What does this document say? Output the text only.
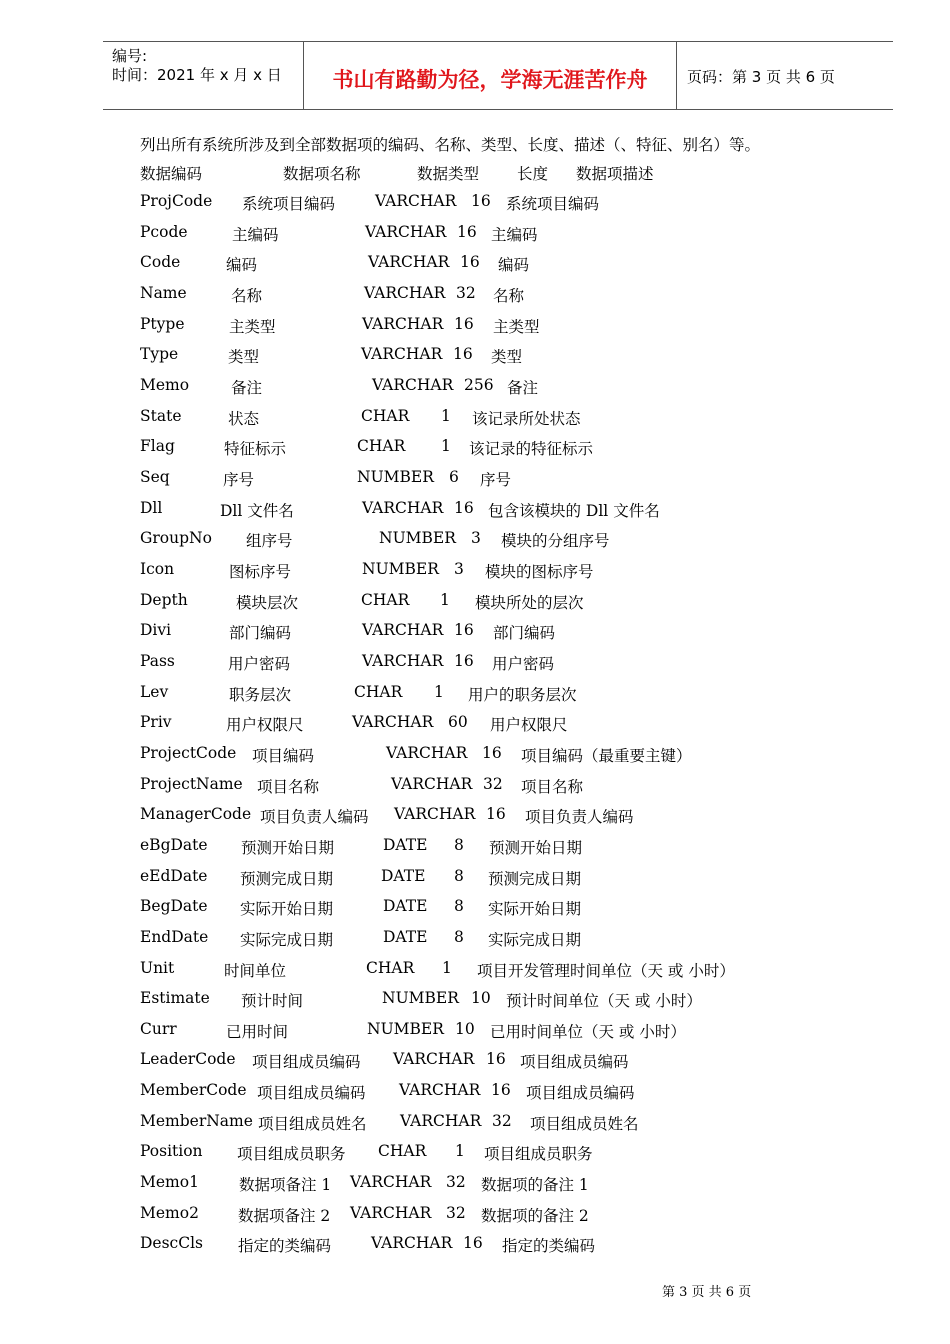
编号:
时间：2021 年 x 月 x 日	书山有路勤为径，学海无涯苦作舟	页码：第 3 页 共 6 页
列出所有系统所涉及到全部数据项的编码、名称、类型、长度、描述（、特征、别名）等。
数据编码	数据项名称	数据类型 长度 数据项描述
ProjCode 系统项目编码	VARCHAR 16 系统项目编码
Pcode	主编码	VARCHAR 16 主编码
Code	编码	VARCHAR 16 编码
Name	名称	VARCHAR 32 名称
Ptype	主类型	VARCHAR 16 主类型
Type	类型	VARCHAR 16 类型
Memo	备注	VARCHAR 256 备注
State	状态	CHAR 1 该记录所处状态
Flag	特征标示	CHAR 1 该记录的特征标示
Seq	序号	NUMBER 6 序号
Dll	Dll 文件名	VARCHAR 16 包含该模块的 Dll 文件名
GroupNo 组序号	NUMBER 3 模块的分组序号
Icon	图标序号	NUMBER 3 模块的图标序号
Depth	模块层次	CHAR 1 模块所处的层次
Divi	部门编码	VARCHAR 16 部门编码
Pass	用户密码	VARCHAR 16 用户密码
Lev	职务层次	CHAR 1 用户的职务层次
Priv	用户权限尺	VARCHAR 60 用户权限尺
ProjectCode 项目编码	VARCHAR 16 项目编码（最重要主键）
ProjectName 项目名称	VARCHAR 32 项目名称
ManagerCode 项目负责人编码 VARCHAR 16 项目负责人编码
eBgDate 预测开始日期	DATE 8 预测开始日期
eEdDate 预测完成日期	DATE 8 预测完成日期
BegDate 实际开始日期	DATE 8 实际开始日期
EndDate 实际完成日期	DATE 8 实际完成日期
Unit	时间单位	CHAR 1 项目开发管理时间单位（天 或 小时）
Estimate 预计时间	NUMBER 10 预计时间单位（天 或 小时）
Curr	已用时间	NUMBER 10 已用时间单位（天 或 小时）
LeaderCode 项目组成员编码 VARCHAR 16 项目组成员编码
MemberCode 项目组成员编码 VARCHAR 16 项目组成员编码
MemberName 项目组成员姓名 VARCHAR 32 项目组成员姓名
Position 项目组成员职务 CHAR 1 项目组成员职务
Memo1	数据项备注 1 VARCHAR 32 数据项的备注 1
Memo2	数据项备注 2 VARCHAR 32 数据项的备注 2
DescCls 指定的类编码	VARCHAR 16 指定的类编码
第 3 页 共 6 页
